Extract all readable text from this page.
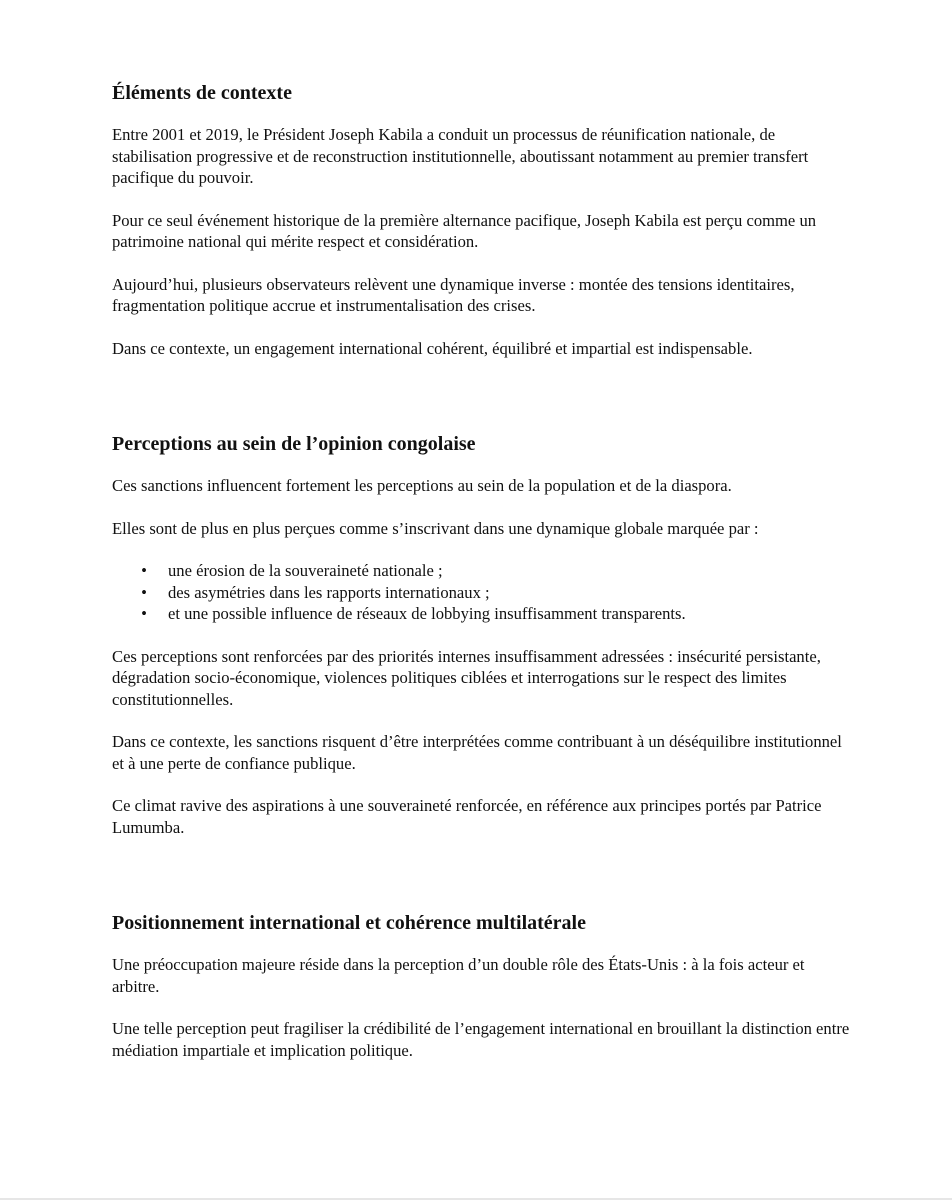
Éléments de contexte

Entre 2001 et 2019, le Président Joseph Kabila a conduit un processus de réunification nationale, de stabilisation progressive et de reconstruction institutionnelle, aboutissant notamment au premier transfert pacifique du pouvoir.

Pour ce seul événement historique de la première alternance pacifique, Joseph Kabila est perçu comme un patrimoine national qui mérite respect et considération.

Aujourd’hui, plusieurs observateurs relèvent une dynamique inverse : montée des tensions identitaires, fragmentation politique accrue et instrumentalisation des crises.

Dans ce contexte, un engagement international cohérent, équilibré et impartial est indispensable.

Perceptions au sein de l’opinion congolaise

Ces sanctions influencent fortement les perceptions au sein de la population et de la diaspora.

Elles sont de plus en plus perçues comme s’inscrivant dans une dynamique globale marquée par :

• une érosion de la souveraineté nationale ;
• des asymétries dans les rapports internationaux ;
• et une possible influence de réseaux de lobbying insuffisamment transparents.

Ces perceptions sont renforcées par des priorités internes insuffisamment adressées : insécurité persistante, dégradation socio-économique, violences politiques ciblées et interrogations sur le respect des limites constitutionnelles.

Dans ce contexte, les sanctions risquent d’être interprétées comme contribuant à un déséquilibre institutionnel et à une perte de confiance publique.

Ce climat ravive des aspirations à une souveraineté renforcée, en référence aux principes portés par Patrice Lumumba.

Positionnement international et cohérence multilatérale

Une préoccupation majeure réside dans la perception d’un double rôle des États-Unis : à la fois acteur et arbitre.

Une telle perception peut fragiliser la crédibilité de l’engagement international en brouillant la distinction entre médiation impartiale et implication politique.
